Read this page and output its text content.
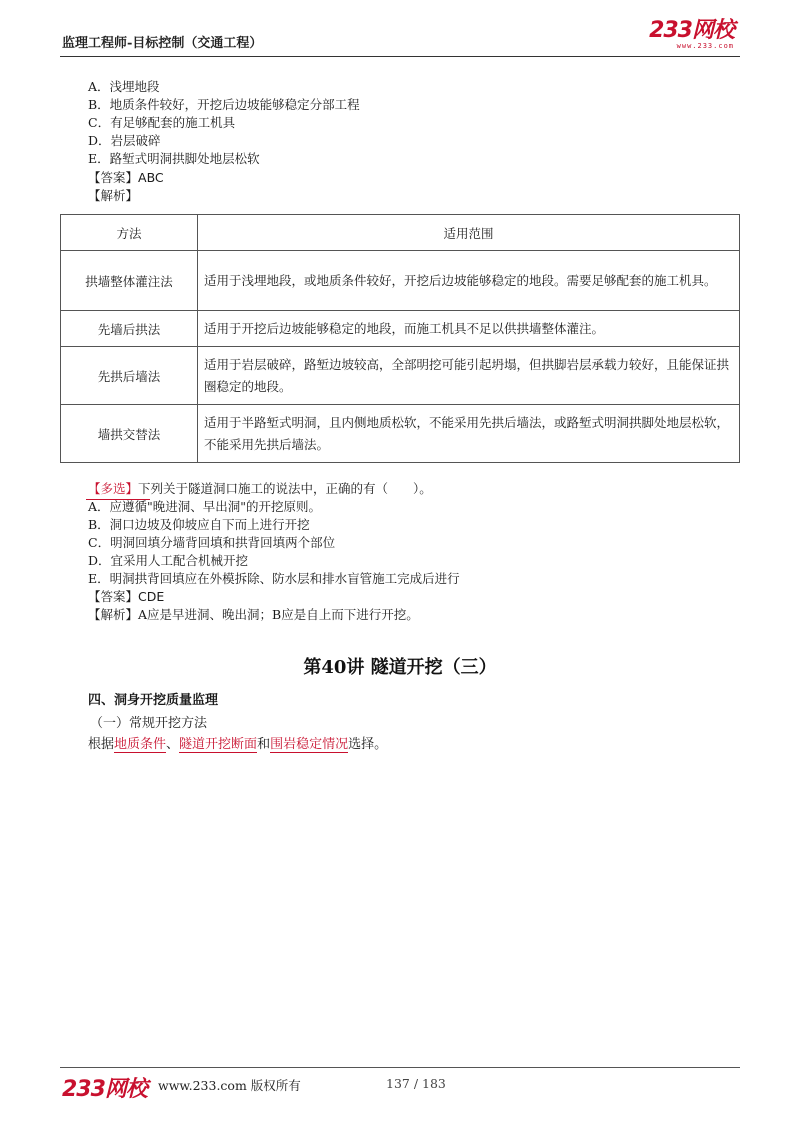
监理工程师-目标控制（交通工程）
233网校
www.233.com
A．浅埋地段
B．地质条件较好，开挖后边坡能够稳定分部工程
C．有足够配套的施工机具
D．岩层破碎
E．路堑式明洞拱脚处地层松软
【答案】ABC
【解析】
方法	适用范围
拱墙整体灌注法	适用于浅埋地段，或地质条件较好，开挖后边坡能够稳定的地段。需要足够配套的施工机具。
先墙后拱法	适用于开挖后边坡能够稳定的地段，而施工机具不足以供拱墙整体灌注。
先拱后墙法	适用于岩层破碎，路堑边坡较高，全部明挖可能引起坍塌，但拱脚岩层承载力较好，且能保证拱圈稳定的地段。
墙拱交替法	适用于半路堑式明洞，且内侧地质松软，不能采用先拱后墙法，或路堑式明洞拱脚处地层松软，不能采用先拱后墙法。
【多选】下列关于隧道洞口施工的说法中，正确的有（　　）。
A．应遵循"晚进洞、早出洞"的开挖原则。
B．洞口边坡及仰坡应自下而上进行开挖
C．明洞回填分墙背回填和拱背回填两个部位
D．宜采用人工配合机械开挖
E．明洞拱背回填应在外模拆除、防水层和排水盲管施工完成后进行
【答案】CDE
【解析】A应是早进洞、晚出洞；B应是自上而下进行开挖。
第40讲 隧道开挖（三）
四、洞身开挖质量监理
（一）常规开挖方法
根据地质条件、隧道开挖断面和围岩稳定情况选择。
233网校 www.233.com 版权所有	137 / 183
